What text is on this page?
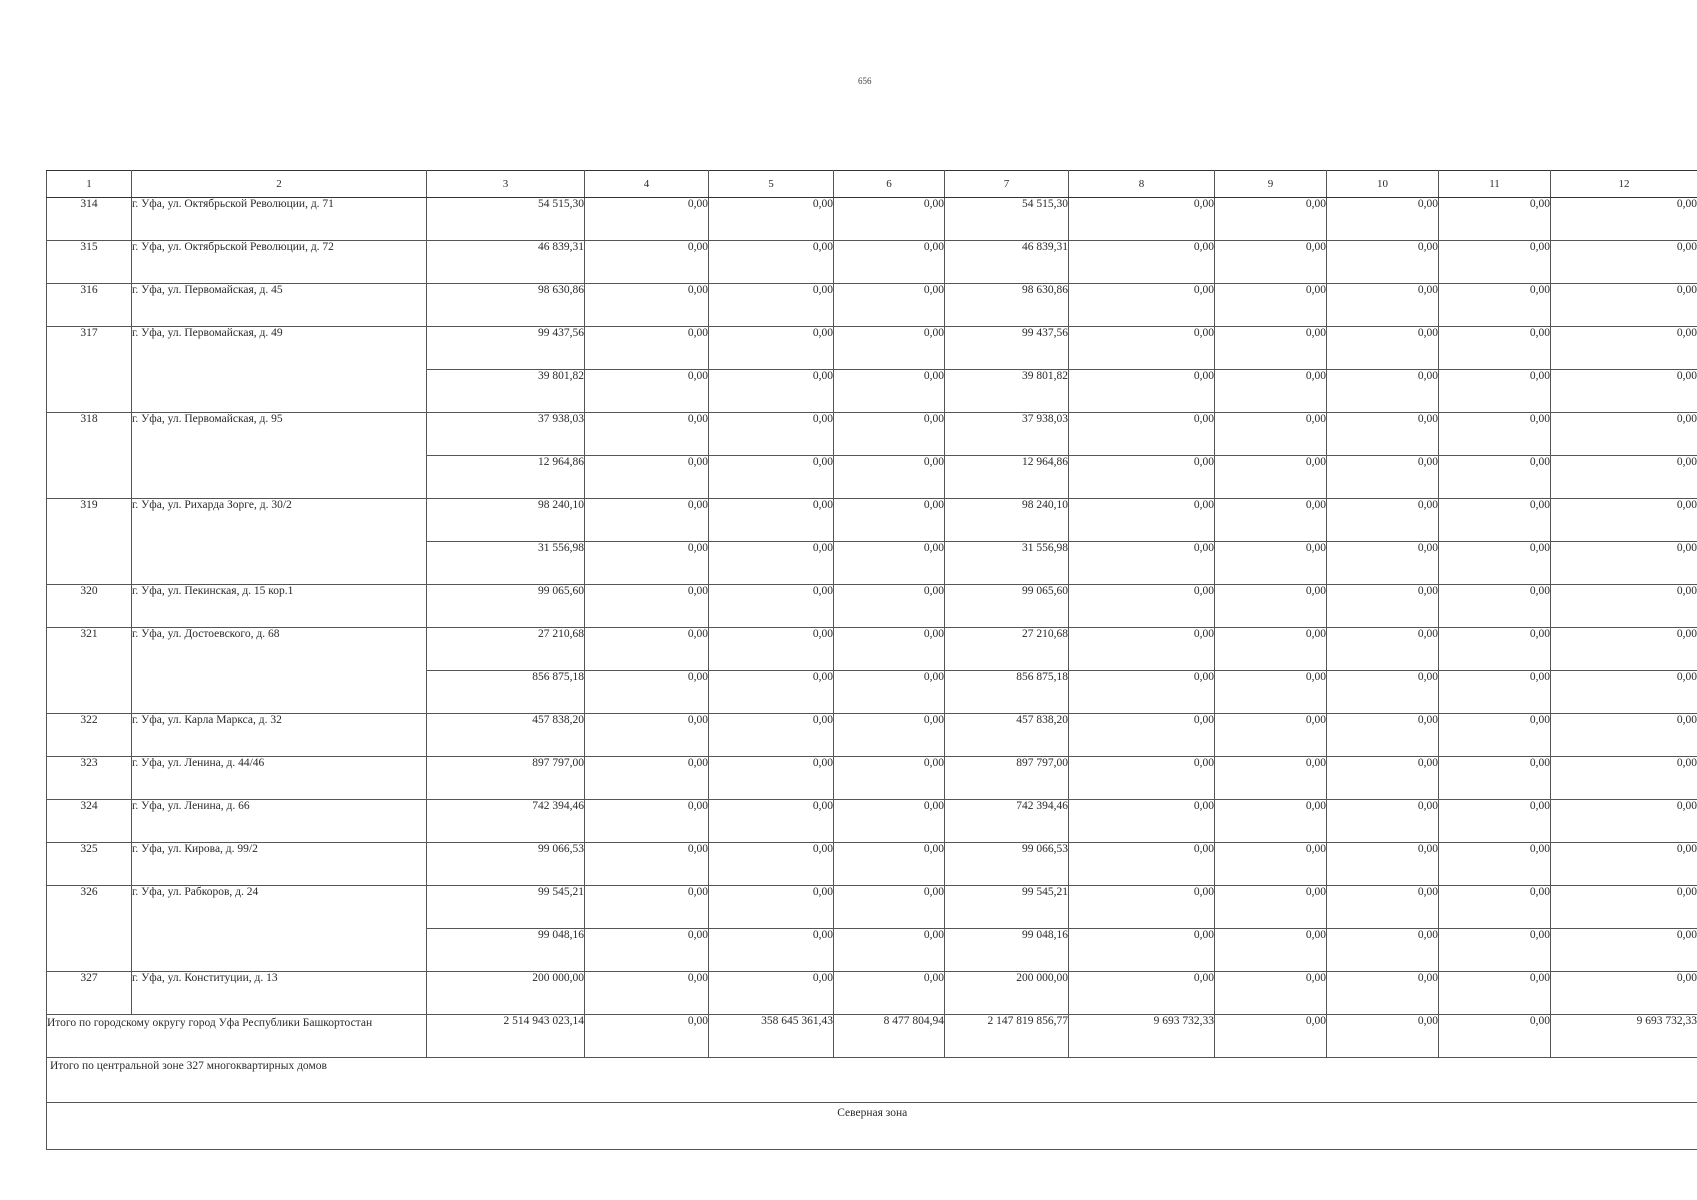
656
1	2	3	4	5	6	7	8	9	10	11	12
314	г. Уфа, ул. Октябрьской Революции, д. 71	54 515,30	0,00	0,00	0,00	54 515,30	0,00	0,00	0,00	0,00	0,00
315	г. Уфа, ул. Октябрьской Революции, д. 72	46 839,31	0,00	0,00	0,00	46 839,31	0,00	0,00	0,00	0,00	0,00
316	г. Уфа, ул. Первомайская, д. 45	98 630,86	0,00	0,00	0,00	98 630,86	0,00	0,00	0,00	0,00	0,00
317	г. Уфа, ул. Первомайская, д. 49	99 437,56	0,00	0,00	0,00	99 437,56	0,00	0,00	0,00	0,00	0,00
		39 801,82	0,00	0,00	0,00	39 801,82	0,00	0,00	0,00	0,00	0,00
318	г. Уфа, ул. Первомайская, д. 95	37 938,03	0,00	0,00	0,00	37 938,03	0,00	0,00	0,00	0,00	0,00
		12 964,86	0,00	0,00	0,00	12 964,86	0,00	0,00	0,00	0,00	0,00
319	г. Уфа, ул. Рихарда Зорге, д. 30/2	98 240,10	0,00	0,00	0,00	98 240,10	0,00	0,00	0,00	0,00	0,00
		31 556,98	0,00	0,00	0,00	31 556,98	0,00	0,00	0,00	0,00	0,00
320	г. Уфа, ул. Пекинская, д. 15 кор.1	99 065,60	0,00	0,00	0,00	99 065,60	0,00	0,00	0,00	0,00	0,00
321	г. Уфа, ул. Достоевского, д. 68	27 210,68	0,00	0,00	0,00	27 210,68	0,00	0,00	0,00	0,00	0,00
		856 875,18	0,00	0,00	0,00	856 875,18	0,00	0,00	0,00	0,00	0,00
322	г. Уфа, ул. Карла Маркса, д. 32	457 838,20	0,00	0,00	0,00	457 838,20	0,00	0,00	0,00	0,00	0,00
323	г. Уфа, ул. Ленина, д. 44/46	897 797,00	0,00	0,00	0,00	897 797,00	0,00	0,00	0,00	0,00	0,00
324	г. Уфа, ул. Ленина, д. 66	742 394,46	0,00	0,00	0,00	742 394,46	0,00	0,00	0,00	0,00	0,00
325	г. Уфа, ул. Кирова, д. 99/2	99 066,53	0,00	0,00	0,00	99 066,53	0,00	0,00	0,00	0,00	0,00
326	г. Уфа, ул. Рабкоров, д. 24	99 545,21	0,00	0,00	0,00	99 545,21	0,00	0,00	0,00	0,00	0,00
		99 048,16	0,00	0,00	0,00	99 048,16	0,00	0,00	0,00	0,00	0,00
327	г. Уфа, ул. Конституции, д. 13	200 000,00	0,00	0,00	0,00	200 000,00	0,00	0,00	0,00	0,00	0,00
Итого по городскому округу город Уфа Республики Башкортостан		2 514 943 023,14	0,00	358 645 361,43	8 477 804,94	2 147 819 856,77	9 693 732,33	0,00	0,00	0,00	9 693 732,33
Итого по центральной зоне 327 многоквартирных домов											
Северная зона											
